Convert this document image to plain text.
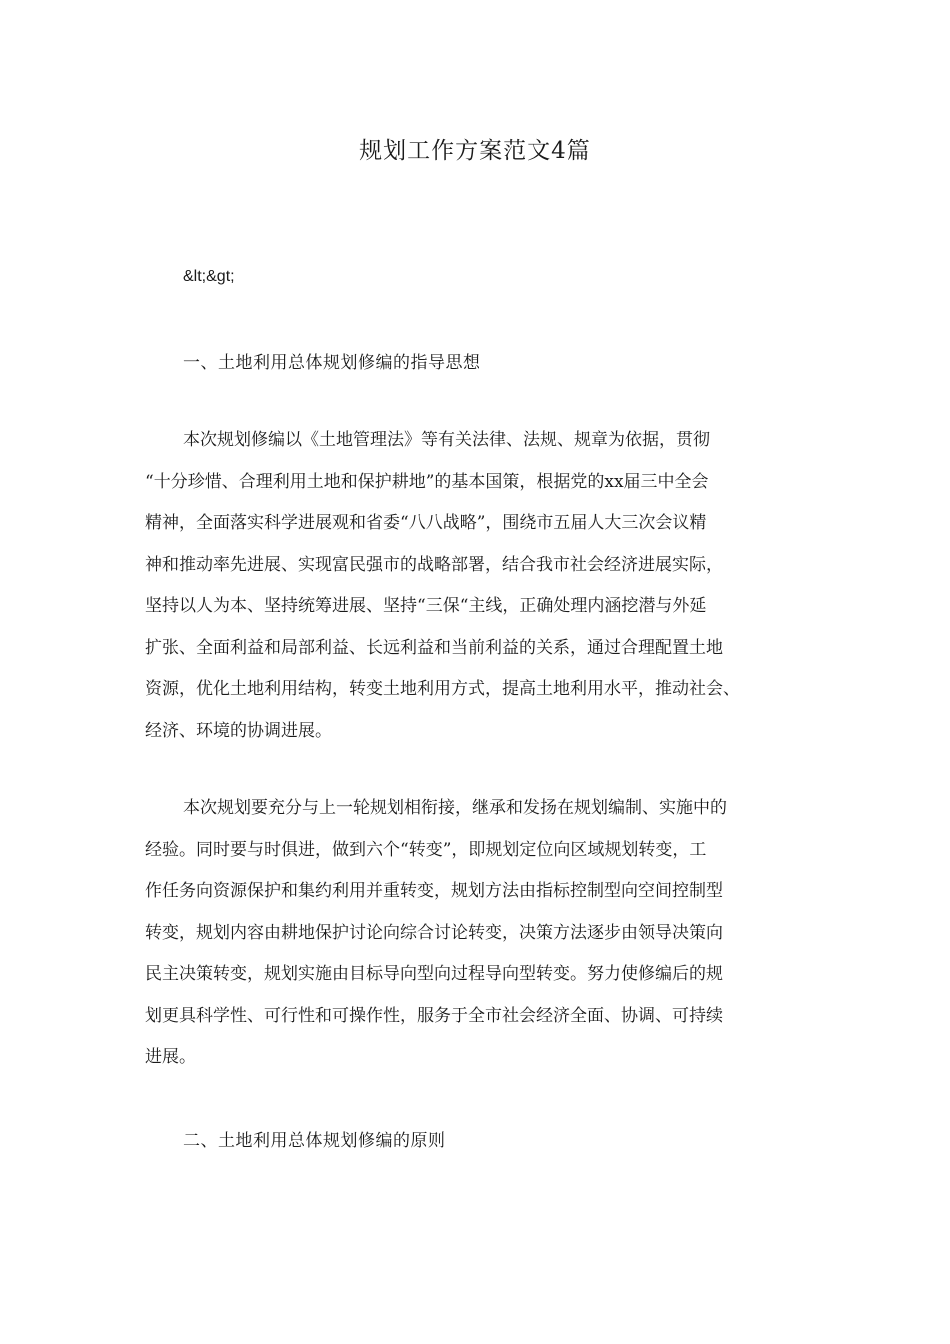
规划工作方案范文4篇
&lt;&gt;
一、土地利用总体规划修编的指导思想

本次规划修编以《土地管理法》等有关法律、法规、规章为依据，贯彻
“十分珍惜、合理利用土地和保护耕地”的基本国策，根据党的xx届三中全会
精神，全面落实科学进展观和省委“八八战略”，围绕市五届人大三次会议精
神和推动率先进展、实现富民强市的战略部署，结合我市社会经济进展实际，
坚持以人为本、坚持统筹进展、坚持“三保“主线，正确处理内涵挖潜与外延
扩张、全面利益和局部利益、长远利益和当前利益的关系，通过合理配置土地
资源，优化土地利用结构，转变土地利用方式，提高土地利用水平，推动社会、
经济、环境的协调进展。

本次规划要充分与上一轮规划相衔接，继承和发扬在规划编制、实施中的
经验。同时要与时俱进，做到六个“转变”，即规划定位向区域规划转变，工
作任务向资源保护和集约利用并重转变，规划方法由指标控制型向空间控制型
转变，规划内容由耕地保护讨论向综合讨论转变，决策方法逐步由领导决策向
民主决策转变，规划实施由目标导向型向过程导向型转变。努力使修编后的规
划更具科学性、可行性和可操作性，服务于全市社会经济全面、协调、可持续
进展。

二、土地利用总体规划修编的原则
